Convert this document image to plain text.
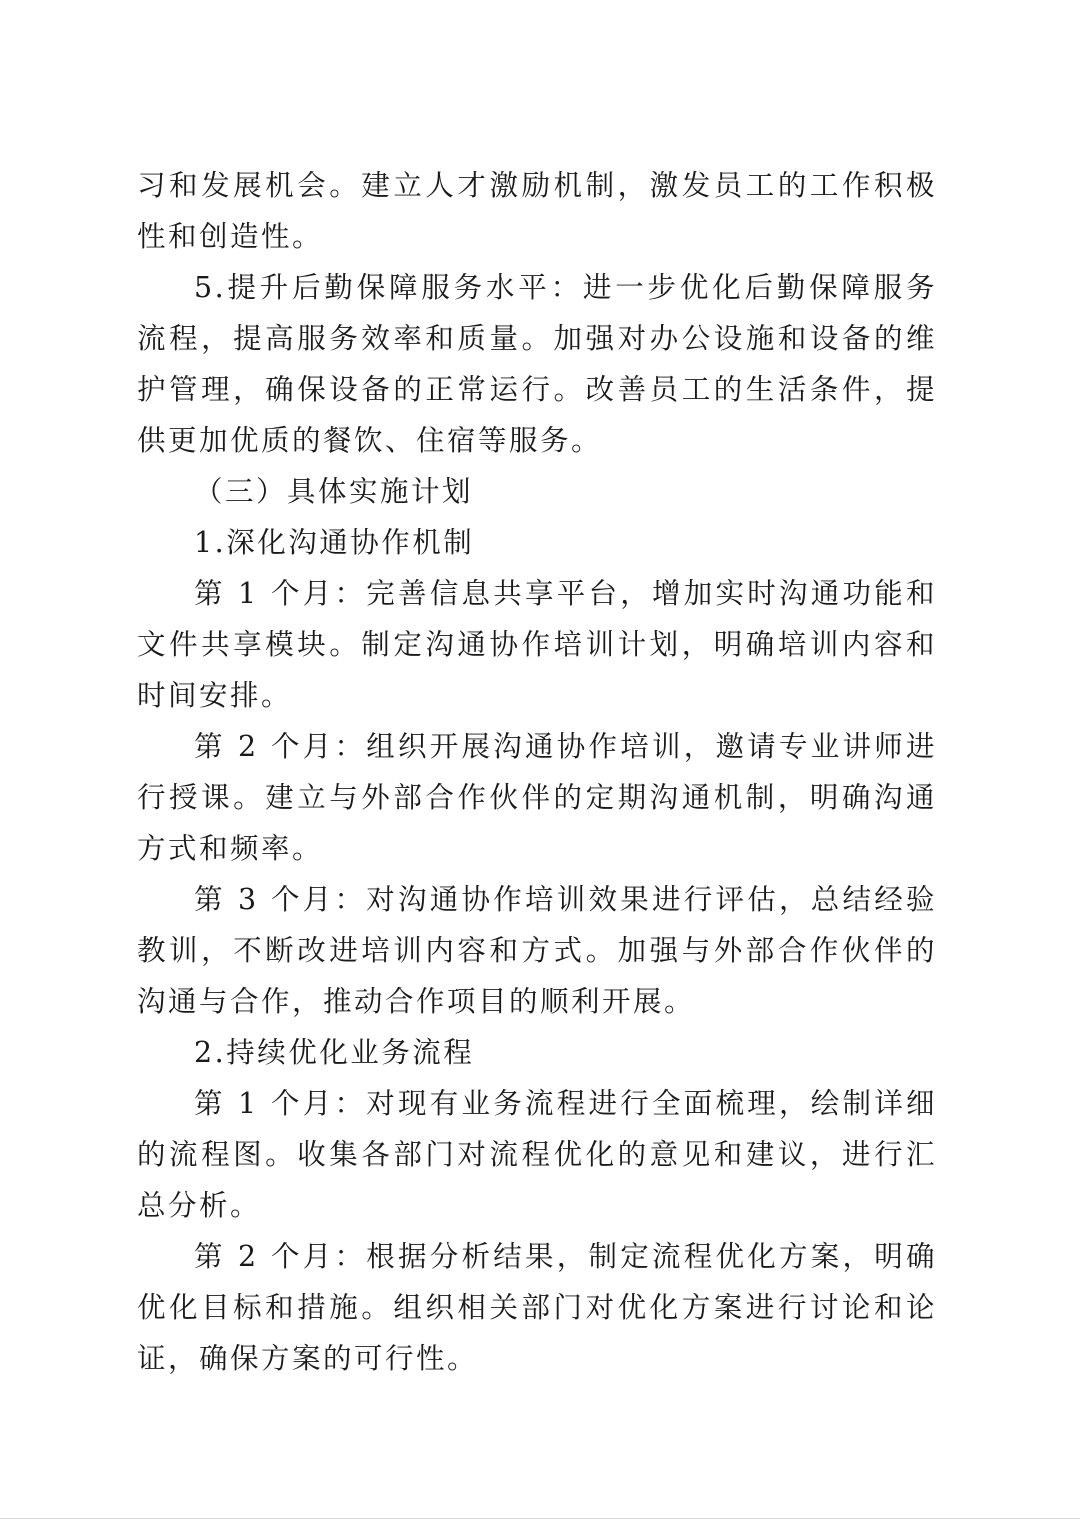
习和发展机会。建立人才激励机制，激发员工的工作积极性和创造性。

5.提升后勤保障服务水平：进一步优化后勤保障服务流程，提高服务效率和质量。加强对办公设施和设备的维护管理，确保设备的正常运行。改善员工的生活条件，提供更加优质的餐饮、住宿等服务。

（三）具体实施计划

1.深化沟通协作机制

第 1 个月：完善信息共享平台，增加实时沟通功能和文件共享模块。制定沟通协作培训计划，明确培训内容和时间安排。

第 2 个月：组织开展沟通协作培训，邀请专业讲师进行授课。建立与外部合作伙伴的定期沟通机制，明确沟通方式和频率。

第 3 个月：对沟通协作培训效果进行评估，总结经验教训，不断改进培训内容和方式。加强与外部合作伙伴的沟通与合作，推动合作项目的顺利开展。

2.持续优化业务流程

第 1 个月：对现有业务流程进行全面梳理，绘制详细的流程图。收集各部门对流程优化的意见和建议，进行汇总分析。

第 2 个月：根据分析结果，制定流程优化方案，明确优化目标和措施。组织相关部门对优化方案进行讨论和论证，确保方案的可行性。
